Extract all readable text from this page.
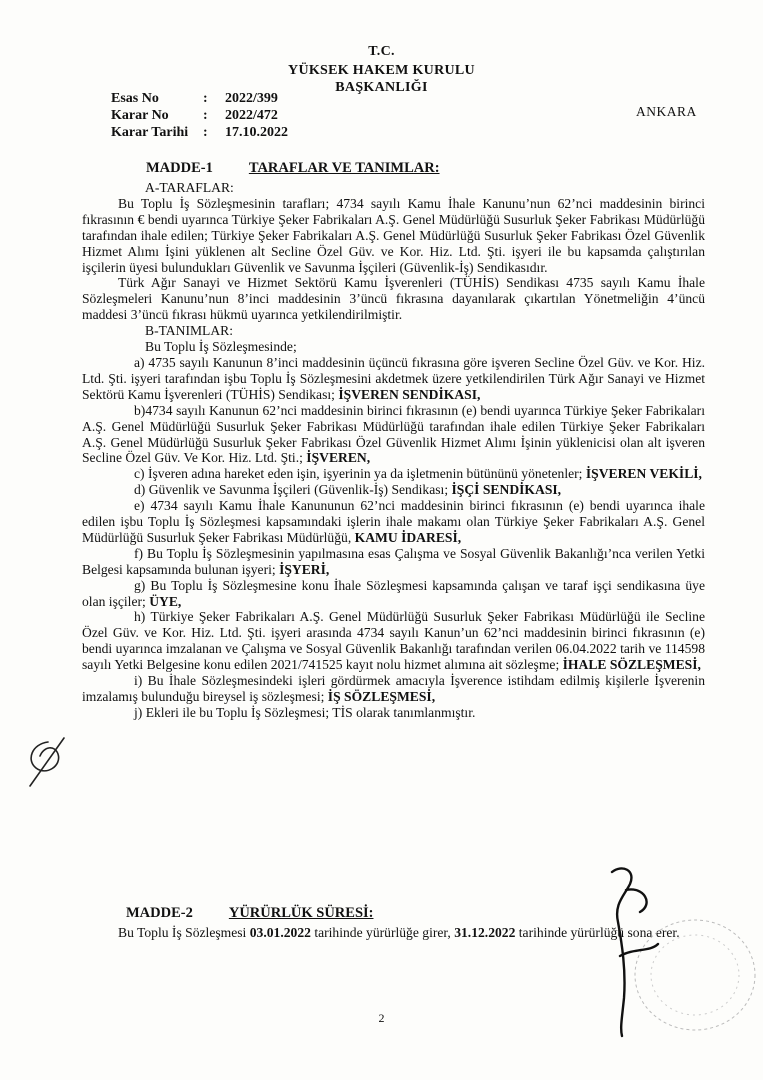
T.C.
YÜKSEK HAKEM KURULU
BAŞKANLIĞI
Esas No	:	2022/399
Karar No	:	2022/472
Karar Tarihi	:	17.10.2022
ANKARA
MADDE-1 TARAFLAR VE TANIMLAR:

A-TARAFLAR:

Bu Toplu İş Sözleşmesinin tarafları; 4734 sayılı Kamu İhale Kanunu’nun 62’nci maddesinin birinci fıkrasının € bendi uyarınca Türkiye Şeker Fabrikaları A.Ş. Genel Müdürlüğü Susurluk Şeker Fabrikası Müdürlüğü tarafından ihale edilen; Türkiye Şeker Fabrikaları A.Ş. Genel Müdürlüğü Susurluk Şeker Fabrikası Özel Güvenlik Hizmet Alımı İşini yüklenen alt Secline Özel Güv. ve Kor. Hiz. Ltd. Şti. işyeri ile bu kapsamda çalıştırılan işçilerin üyesi bulundukları Güvenlik ve Savunma İşçileri (Güvenlik-İş) Sendikasıdır.

Türk Ağır Sanayi ve Hizmet Sektörü Kamu İşverenleri (TÜHİS) Sendikası 4735 sayılı Kamu İhale Sözleşmeleri Kanunu’nun 8’inci maddesinin 3’üncü fıkrasına dayanılarak çıkartılan Yönetmeliğin 4’üncü maddesi 3’üncü fıkrası hükmü uyarınca yetkilendirilmiştir.

B-TANIMLAR:

Bu Toplu İş Sözleşmesinde;

a) 4735 sayılı Kanunun 8’inci maddesinin üçüncü fıkrasına göre işveren Secline Özel Güv. ve Kor. Hiz. Ltd. Şti. işyeri tarafından işbu Toplu İş Sözleşmesini akdetmek üzere yetkilendirilen Türk Ağır Sanayi ve Hizmet Sektörü Kamu İşverenleri (TÜHİS) Sendikası; İŞVEREN SENDİKASI,

b)4734 sayılı Kanunun 62’nci maddesinin birinci fıkrasının (e) bendi uyarınca Türkiye Şeker Fabrikaları A.Ş. Genel Müdürlüğü Susurluk Şeker Fabrikası Müdürlüğü tarafından ihale edilen Türkiye Şeker Fabrikaları A.Ş. Genel Müdürlüğü Susurluk Şeker Fabrikası Özel Güvenlik Hizmet Alımı İşinin yüklenicisi olan alt işveren Secline Özel Güv. Ve Kor. Hiz. Ltd. Şti.; İŞVEREN,

c) İşveren adına hareket eden işin, işyerinin ya da işletmenin bütününü yönetenler; İŞVEREN VEKİLİ,

d) Güvenlik ve Savunma İşçileri (Güvenlik-İş) Sendikası; İŞÇİ SENDİKASI,

e) 4734 sayılı Kamu İhale Kanununun 62’nci maddesinin birinci fıkrasının (e) bendi uyarınca ihale edilen işbu Toplu İş Sözleşmesi kapsamındaki işlerin ihale makamı olan Türkiye Şeker Fabrikaları A.Ş. Genel Müdürlüğü Susurluk Şeker Fabrikası Müdürlüğü, KAMU İDARESİ,

f) Bu Toplu İş Sözleşmesinin yapılmasına esas Çalışma ve Sosyal Güvenlik Bakanlığı’nca verilen Yetki Belgesi kapsamında bulunan işyeri; İŞYERİ,

g) Bu Toplu İş Sözleşmesine konu İhale Sözleşmesi kapsamında çalışan ve taraf işçi sendikasına üye olan işçiler; ÜYE,

h) Türkiye Şeker Fabrikaları A.Ş. Genel Müdürlüğü Susurluk Şeker Fabrikası Müdürlüğü ile Secline Özel Güv. ve Kor. Hiz. Ltd. Şti. işyeri arasında 4734 sayılı Kanun’un 62’nci maddesinin birinci fıkrasının (e) bendi uyarınca imzalanan ve Çalışma ve Sosyal Güvenlik Bakanlığı tarafından verilen 06.04.2022 tarih ve 114598 sayılı Yetki Belgesine konu edilen 2021/741525 kayıt nolu hizmet alımına ait sözleşme; İHALE SÖZLEŞMESİ,

i) Bu İhale Sözleşmesindeki işleri gördürmek amacıyla İşverence istihdam edilmiş kişilerle İşverenin imzalamış bulunduğu bireysel iş sözleşmesi; İŞ SÖZLEŞMESİ,

j) Ekleri ile bu Toplu İş Sözleşmesi; TİS olarak tanımlanmıştır.

MADDE-2 YÜRÜRLÜK SÜRESİ:

Bu Toplu İş Sözleşmesi 03.01.2022 tarihinde yürürlüğe girer, 31.12.2022 tarihinde yürürlüğü sona erer.

2
